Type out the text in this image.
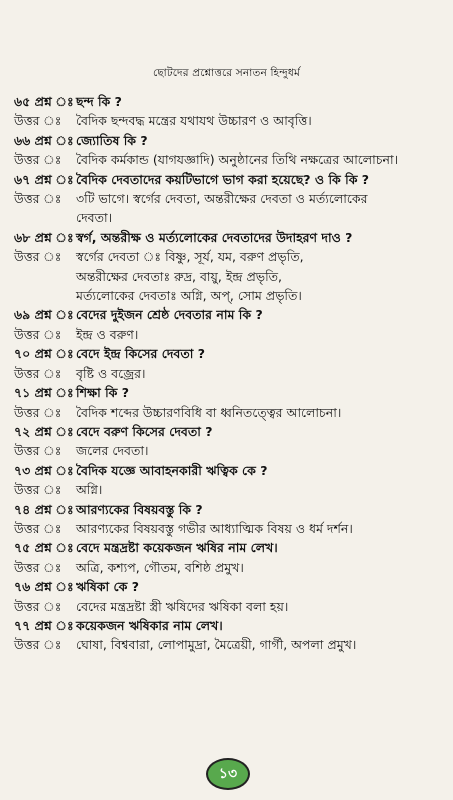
ছোটদের প্রশ্নোত্তরে সনাতন হিন্দুধর্ম
৬৫ প্রশ্ন ঃ ছন্দ কি ?
উত্তর ঃ	বৈদিক ছন্দবদ্ধ মন্ত্রের যথাযথ উচ্চারণ ও আবৃত্তি।
৬৬ প্রশ্ন ঃ জ্যোতিষ কি ?
উত্তর ঃ	বৈদিক কর্মকান্ড (যাগযজ্ঞাদি) অনুষ্ঠানের তিথি নক্ষত্রের আলোচনা।
৬৭ প্রশ্ন ঃ বৈদিক দেবতাদের কয়টিভাগে ভাগ করা হয়েছে? ও কি কি ?
উত্তর ঃ	৩টি ভাগে। স্বর্গের দেবতা, অন্তরীক্ষের দেবতা ও মর্ত্যলোকের
দেবতা।
৬৮ প্রশ্ন ঃ স্বর্গ, অন্তরীক্ষ ও মর্ত্যলোকের দেবতাদের উদাহরণ দাও ?
উত্তর ঃ	স্বর্গের দেবতা ঃ বিষ্ণু, সূর্য, যম, বরুণ প্রভৃতি,
অন্তরীক্ষের দেবতাঃ রুদ্র, বায়ু, ইন্দ্র প্রভৃতি,
মর্ত্যলোকের দেবতাঃ অগ্নি, অপ্‌, সোম প্রভৃতি।
৬৯ প্রশ্ন ঃ বেদের দুইজন শ্রেষ্ঠ দেবতার নাম কি ?
উত্তর ঃ	ইন্দ্র ও বরুণ।
৭০ প্রশ্ন ঃ বেদে ইন্দ্র কিসের দেবতা ?
উত্তর ঃ	বৃষ্টি ও বজ্রের।
৭১ প্রশ্ন ঃ শিক্ষা কি ?
উত্তর ঃ	বৈদিক শব্দের উচ্চারণবিধি বা ধ্বনিতত্ত্বের আলোচনা।
৭২ প্রশ্ন ঃ বেদে বরুণ কিসের দেবতা ?
উত্তর ঃ	জলের দেবতা।
৭৩ প্রশ্ন ঃ বৈদিক যজ্ঞে আবাহনকারী ঋত্বিক কে ?
উত্তর ঃ	অগ্নি।
৭৪ প্রশ্ন ঃ আরণ্যকের বিষয়বস্তু কি ?
উত্তর ঃ	আরণ্যকের বিষয়বস্তু গভীর আধ্যাত্মিক বিষয় ও ধর্ম দর্শন।
৭৫ প্রশ্ন ঃ বেদে মন্ত্রদ্রষ্টা কয়েকজন ঋষির নাম লেখ।
উত্তর ঃ	অত্রি, কশ্যপ, গৌতম, বশিষ্ঠ প্রমুখ।
৭৬ প্রশ্ন ঃ ঋষিকা কে ?
উত্তর ঃ	বেদের মন্ত্রদ্রষ্টা স্ত্রী ঋষিদের ঋষিকা বলা হয়।
৭৭ প্রশ্ন ঃ কয়েকজন ঋষিকার নাম লেখ।
উত্তর ঃ	ঘোষা, বিশ্ববারা, লোপামুদ্রা, মৈত্রেয়ী, গার্গী, অপলা প্রমুখ।
১৩
